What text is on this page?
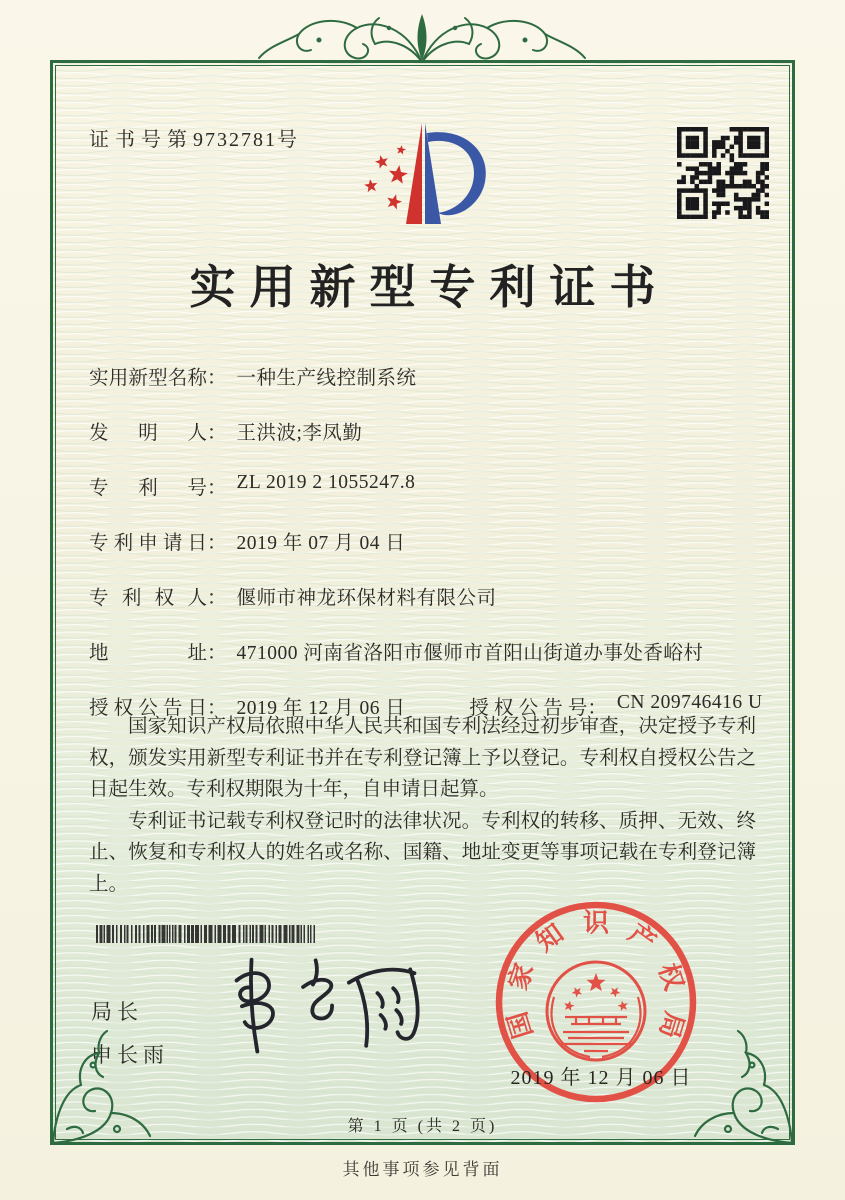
证书号第9732781号
实用新型专利证书
实用新型名称 ： 一种生产线控制系统
发明人 ： 王洪波;李凤勤
专利号 ： ZL 2019 2 1055247.8
专利申请日 ： 2019 年 07 月 04 日
专利权人 ： 偃师市神龙环保材料有限公司
地址 ： 471000 河南省洛阳市偃师市首阳山街道办事处香峪村
授权公告日 ： 2019 年 12 月 06 日	授权公告号 ： CN 209746416 U

国家知识产权局依照中华人民共和国专利法经过初步审查，决定授予专利权，颁发实用新型专利证书并在专利登记簿上予以登记。专利权自授权公告之日起生效。专利权期限为十年，自申请日起算。

专利证书记载专利权登记时的法律状况。专利权的转移、质押、无效、终止、恢复和专利权人的姓名或名称、国籍、地址变更等事项记载在专利登记簿上。

局长
申长雨
国
家
知 识 产
权
局
2019 年 12 月 06 日
第 1 页 (共 2 页)
其他事项参见背面
